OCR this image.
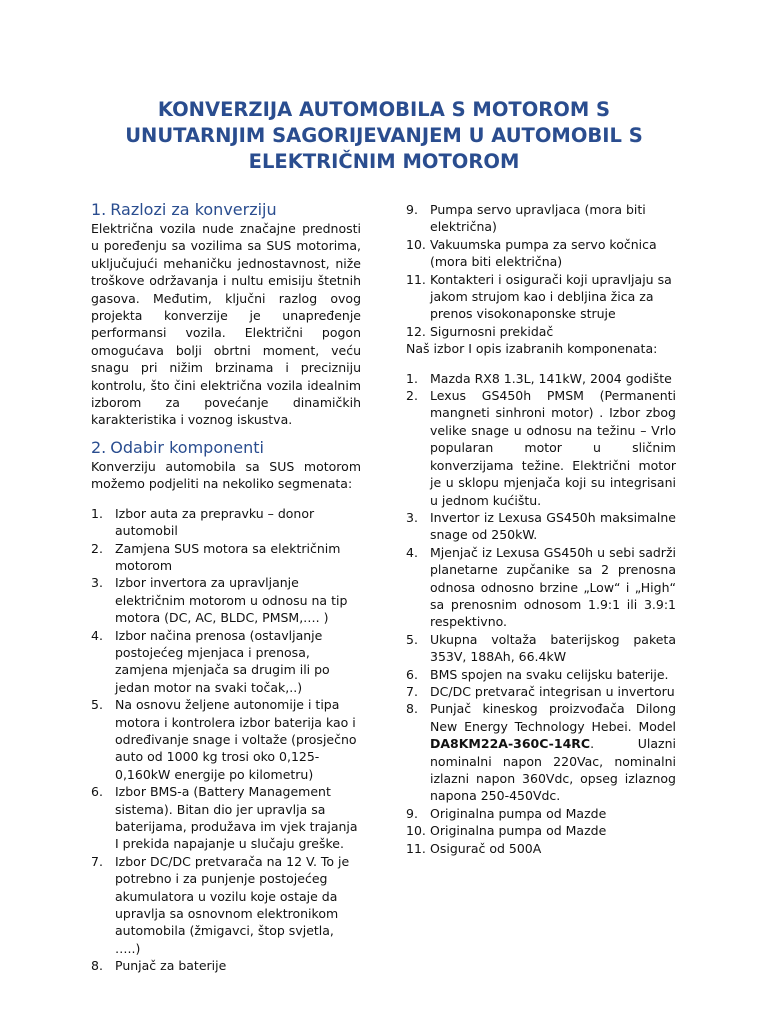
KONVERZIJA AUTOMOBILA S MOTOROM S UNUTARNJIM SAGORIJEVANJEM U AUTOMOBIL S ELEKTRIČNIM MOTOROM
1. Razlozi za konverziju

Električna vozila nude značajne prednosti u poređenju sa vozilima sa SUS motorima, uključujući mehaničku jednostavnost, niže troškove održavanja i nultu emisiju štetnih gasova. Međutim, ključni razlog ovog projekta konverzije je unapređenje performansi vozila. Električni pogon omogućava bolji obrtni moment, veću snagu pri nižim brzinama i precizniju kontrolu, što čini električna vozila idealnim izborom za povećanje dinamičkih karakteristika i voznog iskustva.

2. Odabir komponenti

Konverziju automobila sa SUS motorom možemo podjeliti na nekoliko segmenata:

1. Izbor auta za prepravku – donor automobil
2. Zamjena SUS motora sa električnim motorom
3. Izbor invertora za upravljanje električnim motorom u odnosu na tip motora (DC, AC, BLDC, PMSM,…. )
4. Izbor načina prenosa (ostavljanje postojećeg mjenjaca i prenosa, zamjena mjenjača sa drugim ili po jedan motor na svaki točak,..)
5. Na osnovu željene autonomije i tipa motora i kontrolera izbor baterija kao i određivanje snage i voltaže (prosječno auto od 1000 kg trosi oko 0,125-0,160kW energije po kilometru)
6. Izbor BMS-a (Battery Management sistema). Bitan dio jer upravlja sa baterijama, produžava im vjek trajanja I prekida napajanje u slučaju greške.
7. Izbor DC/DC pretvarača na 12 V. To je potrebno i za punjenje postojećeg akumulatora u vozilu koje ostaje da upravlja sa osnovnom elektronikom automobila (žmigavci, štop svjetla, …..)
8. Punjač za baterije
9. Pumpa servo upravljaca (mora biti električna)
10. Vakuumska pumpa za servo kočnica (mora biti električna)
11. Kontakteri i osigurači koji upravljaju sa jakom strujom kao i debljina žica za prenos visokonaponske struje
12. Sigurnosni prekidač

Naš izbor I opis izabranih komponenata:

1. Mazda RX8 1.3L, 141kW, 2004 godište
2. Lexus GS450h PMSM (Permanenti mangneti sinhroni motor) . Izbor zbog velike snage u odnosu na težinu – Vrlo popularan motor u sličnim konverzijama težine. Električni motor je u sklopu mjenjača koji su integrisani u jednom kućištu.
3. Invertor iz Lexusa GS450h maksimalne snage od 250kW.
4. Mjenjač iz Lexusa GS450h u sebi sadrži planetarne zupčanike sa 2 prenosna odnosa odnosno brzine „Low“ i „High“ sa prenosnim odnosom 1.9:1 ili 3.9:1 respektivno.
5. Ukupna voltaža baterijskog paketa 353V, 188Ah, 66.4kW
6. BMS spojen na svaku celijsku baterije.
7. DC/DC pretvarač integrisan u invertoru
8. Punjač kineskog proizvođača Dilong New Energy Technology Hebei. Model DA8KM22A-360C-14RC. Ulazni nominalni napon 220Vac, nominalni izlazni napon 360Vdc, opseg izlaznog napona 250-450Vdc.
9. Originalna pumpa od Mazde
10. Originalna pumpa od Mazde
11. Osigurač od 500A
